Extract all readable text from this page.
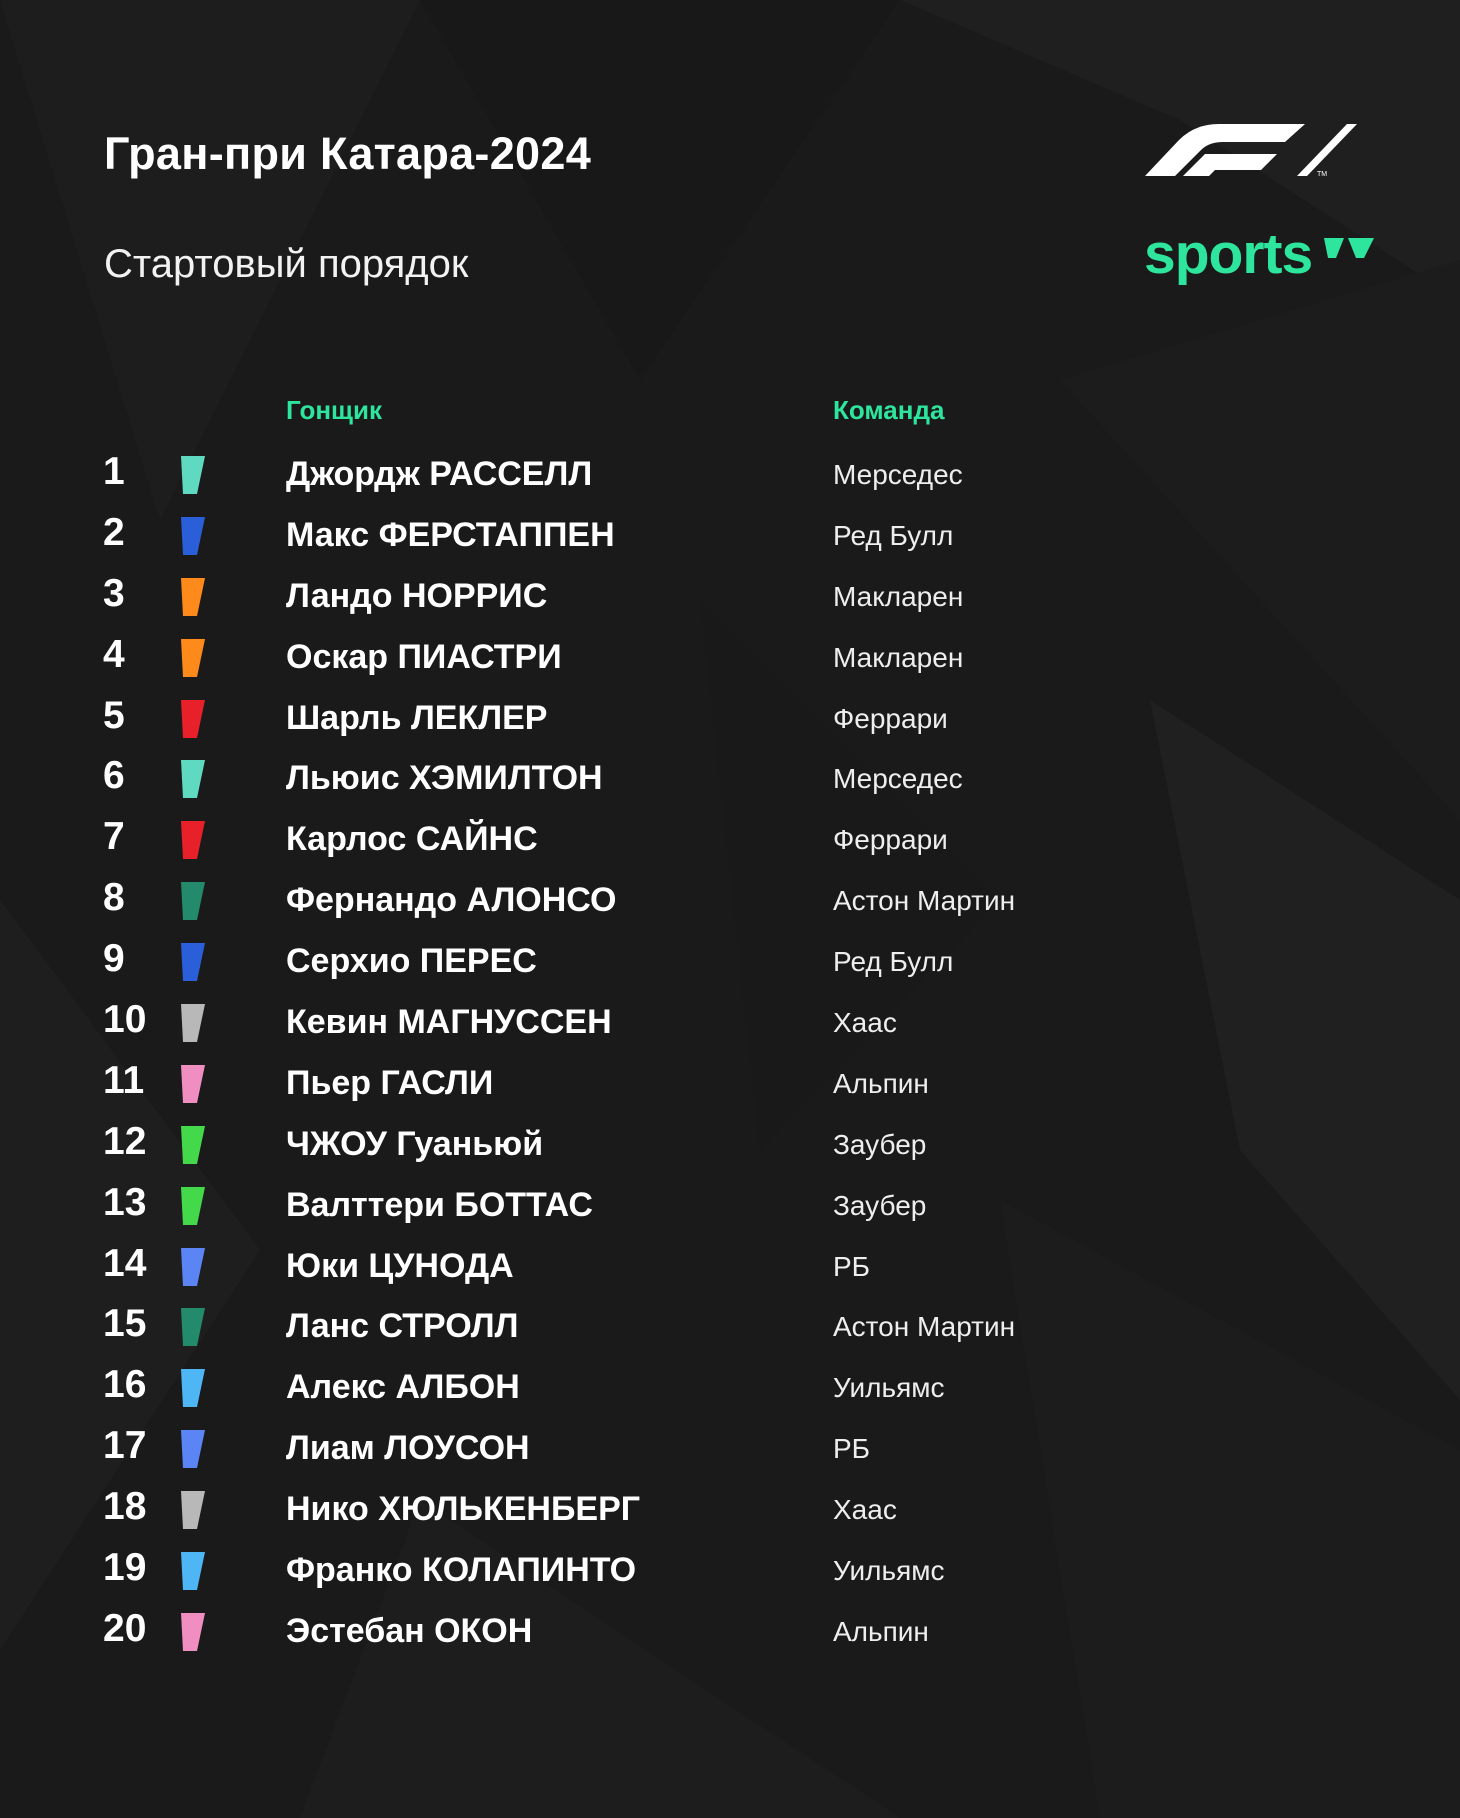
Гран-при Катара-2024
Стартовый порядок
TM
sports
Гонщик	Команда
1	Джордж РАССЕЛЛ	Мерседес
2	Макс ФЕРСТАППЕН	Ред Булл
3	Ландо НОРРИС	Макларен
4	Оскар ПИАСТРИ	Макларен
5	Шарль ЛЕКЛЕР	Феррари
6	Льюис ХЭМИЛТОН	Мерседес
7	Карлос САЙНС	Феррари
8	Фернандо АЛОНСО	Астон Мартин
9	Серхио ПЕРЕС	Ред Булл
10	Кевин МАГНУССЕН	Хаас
11	Пьер ГАСЛИ	Альпин
12	ЧЖОУ Гуаньюй	Заубер
13	Валттери БОТТАС	Заубер
14	Юки ЦУНОДА	РБ
15	Ланс СТРОЛЛ	Астон Мартин
16	Алекс АЛБОН	Уильямс
17	Лиам ЛОУСОН	РБ
18	Нико ХЮЛЬКЕНБЕРГ	Хаас
19	Франко КОЛАПИНТО	Уильямс
20	Эстебан ОКОН	Альпин
